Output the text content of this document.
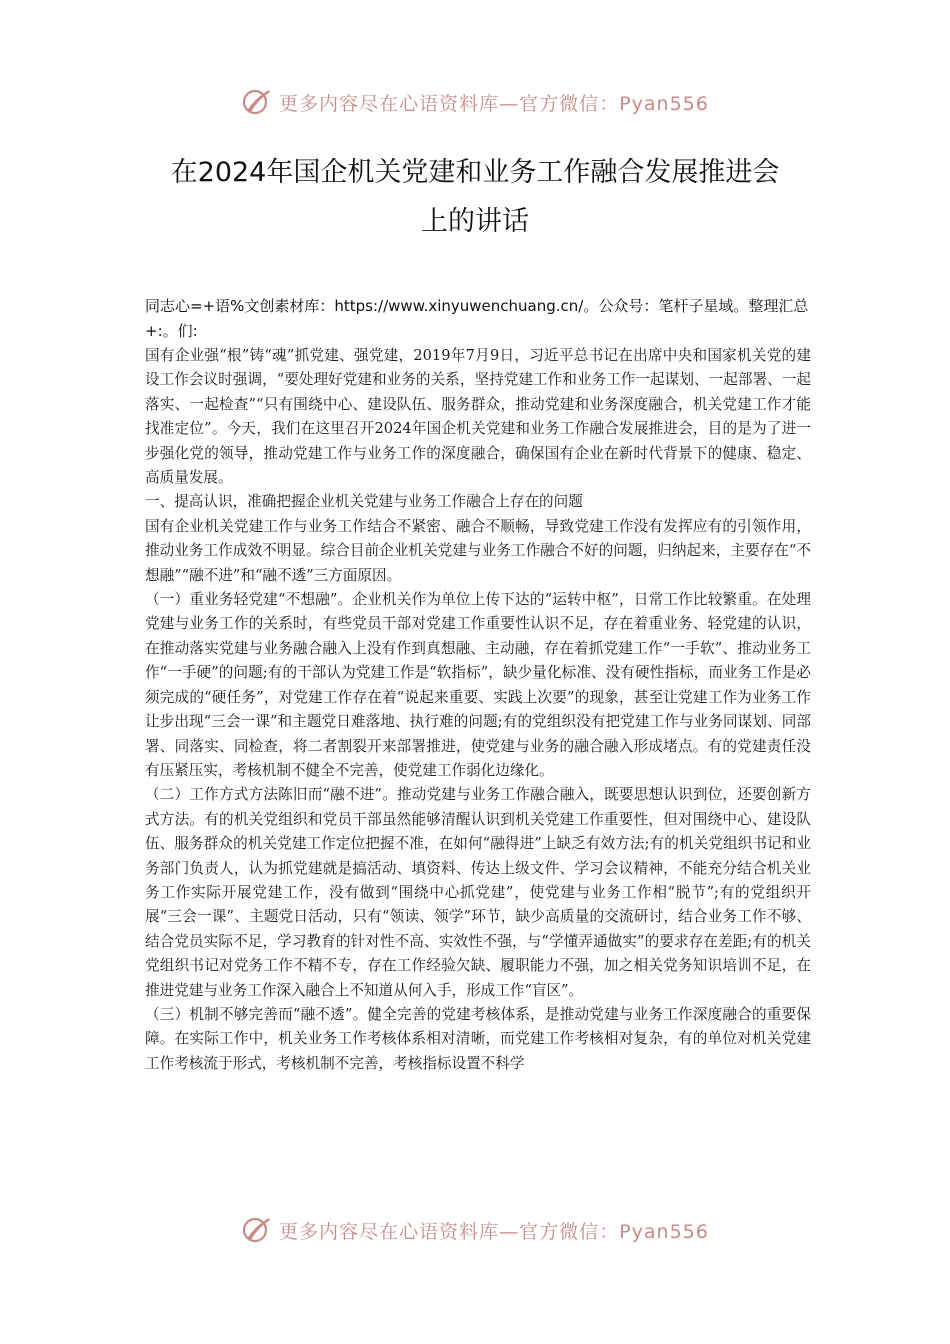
更多内容尽在心语资料库—官方微信：Pyan556
在2024年国企机关党建和业务工作融合发展推进会
上的讲话

同志心=+语%文创素材库：https://www.xinyuwenchuang.cn/。公众号：笔杆子星域。整理汇总+:。们:

国有企业强“根”铸“魂”抓党建、强党建，2019年7月9日，习近平总书记在出席中央和国家机关党的建设工作会议时强调，“要处理好党建和业务的关系，坚持党建工作和业务工作一起谋划、一起部署、一起落实、一起检查”“只有围绕中心、建设队伍、服务群众，推动党建和业务深度融合，机关党建工作才能找准定位”。今天，我们在这里召开2024年国企机关党建和业务工作融合发展推进会，目的是为了进一步强化党的领导，推动党建工作与业务工作的深度融合，确保国有企业在新时代背景下的健康、稳定、高质量发展。

一、提高认识，准确把握企业机关党建与业务工作融合上存在的问题

国有企业机关党建工作与业务工作结合不紧密、融合不顺畅，导致党建工作没有发挥应有的引领作用，推动业务工作成效不明显。综合目前企业机关党建与业务工作融合不好的问题，归纳起来，主要存在“不想融”“融不进”和“融不透”三方面原因。

（一）重业务轻党建“不想融”。企业机关作为单位上传下达的“运转中枢”，日常工作比较繁重。在处理党建与业务工作的关系时，有些党员干部对党建工作重要性认识不足，存在着重业务、轻党建的认识，在推动落实党建与业务融合融入上没有作到真想融、主动融，存在着抓党建工作“一手软”、推动业务工作“一手硬”的问题;有的干部认为党建工作是“软指标”，缺少量化标准、没有硬性指标，而业务工作是必须完成的“硬任务”，对党建工作存在着“说起来重要、实践上次要”的现象，甚至让党建工作为业务工作让步出现“三会一课”和主题党日难落地、执行难的问题;有的党组织没有把党建工作与业务同谋划、同部署、同落实、同检查，将二者割裂开来部署推进，使党建与业务的融合融入形成堵点。有的党建责任没有压紧压实，考核机制不健全不完善，使党建工作弱化边缘化。

（二）工作方式方法陈旧而“融不进”。推动党建与业务工作融合融入，既要思想认识到位，还要创新方式方法。有的机关党组织和党员干部虽然能够清醒认识到机关党建工作重要性，但对围绕中心、建设队伍、服务群众的机关党建工作定位把握不准，在如何“融得进”上缺乏有效方法;有的机关党组织书记和业务部门负责人，认为抓党建就是搞活动、填资料、传达上级文件、学习会议精神，不能充分结合机关业务工作实际开展党建工作，没有做到“围绕中心抓党建”，使党建与业务工作相“脱节”;有的党组织开展“三会一课”、主题党日活动，只有“领读、领学”环节，缺少高质量的交流研讨，结合业务工作不够、结合党员实际不足，学习教育的针对性不高、实效性不强，与“学懂弄通做实”的要求存在差距;有的机关党组织书记对党务工作不精不专，存在工作经验欠缺、履职能力不强，加之相关党务知识培训不足，在推进党建与业务工作深入融合上不知道从何入手，形成工作“盲区”。

（三）机制不够完善而“融不透”。健全完善的党建考核体系，是推动党建与业务工作深度融合的重要保障。在实际工作中，机关业务工作考核体系相对清晰，而党建工作考核相对复杂，有的单位对机关党建工作考核流于形式，考核机制不完善，考核指标设置不科学

更多内容尽在心语资料库—官方微信：Pyan556
